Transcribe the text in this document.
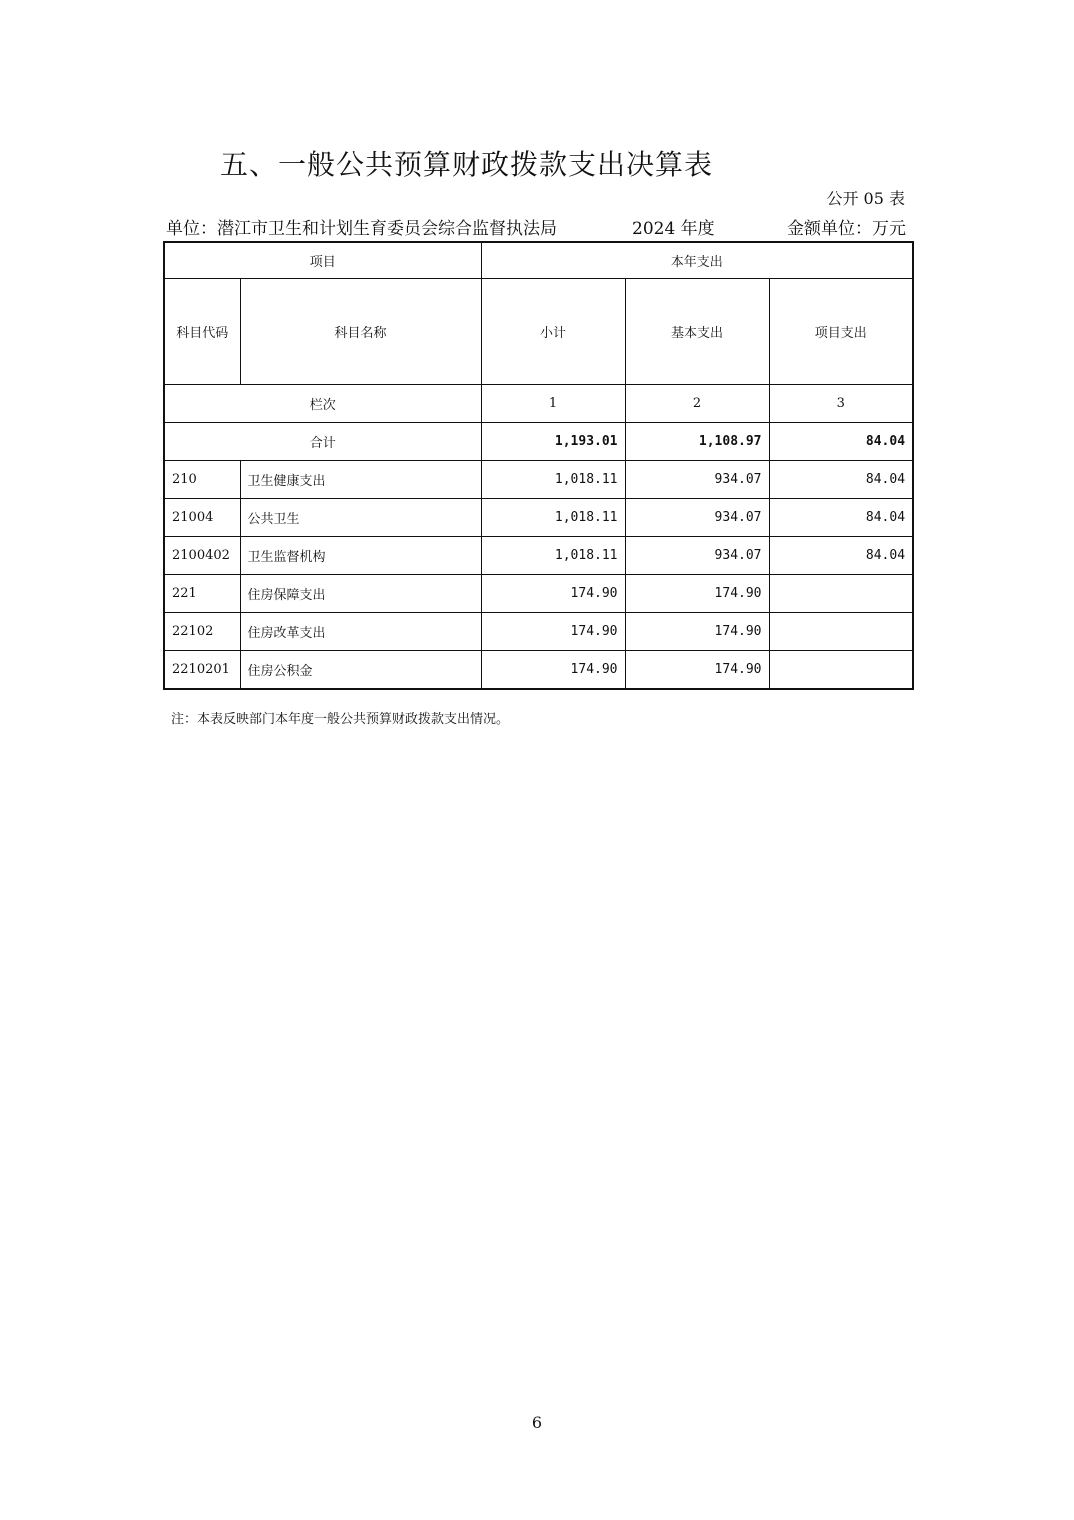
五、一般公共预算财政拨款支出决算表
公开 05 表
单位：潜江市卫生和计划生育委员会综合监督执法局	2024 年度	金额单位：万元
项目		本年支出		
科目代码	科目名称	小计	基本支出	项目支出
栏次		1	2	3
合计		1,193.01	1,108.97	84.04
210	卫生健康支出	1,018.11	934.07	84.04
21004	公共卫生	1,018.11	934.07	84.04
2100402	卫生监督机构	1,018.11	934.07	84.04
221	住房保障支出	174.90	174.90	
22102	住房改革支出	174.90	174.90	
2210201	住房公积金	174.90	174.90	
注：本表反映部门本年度一般公共预算财政拨款支出情况。
6
